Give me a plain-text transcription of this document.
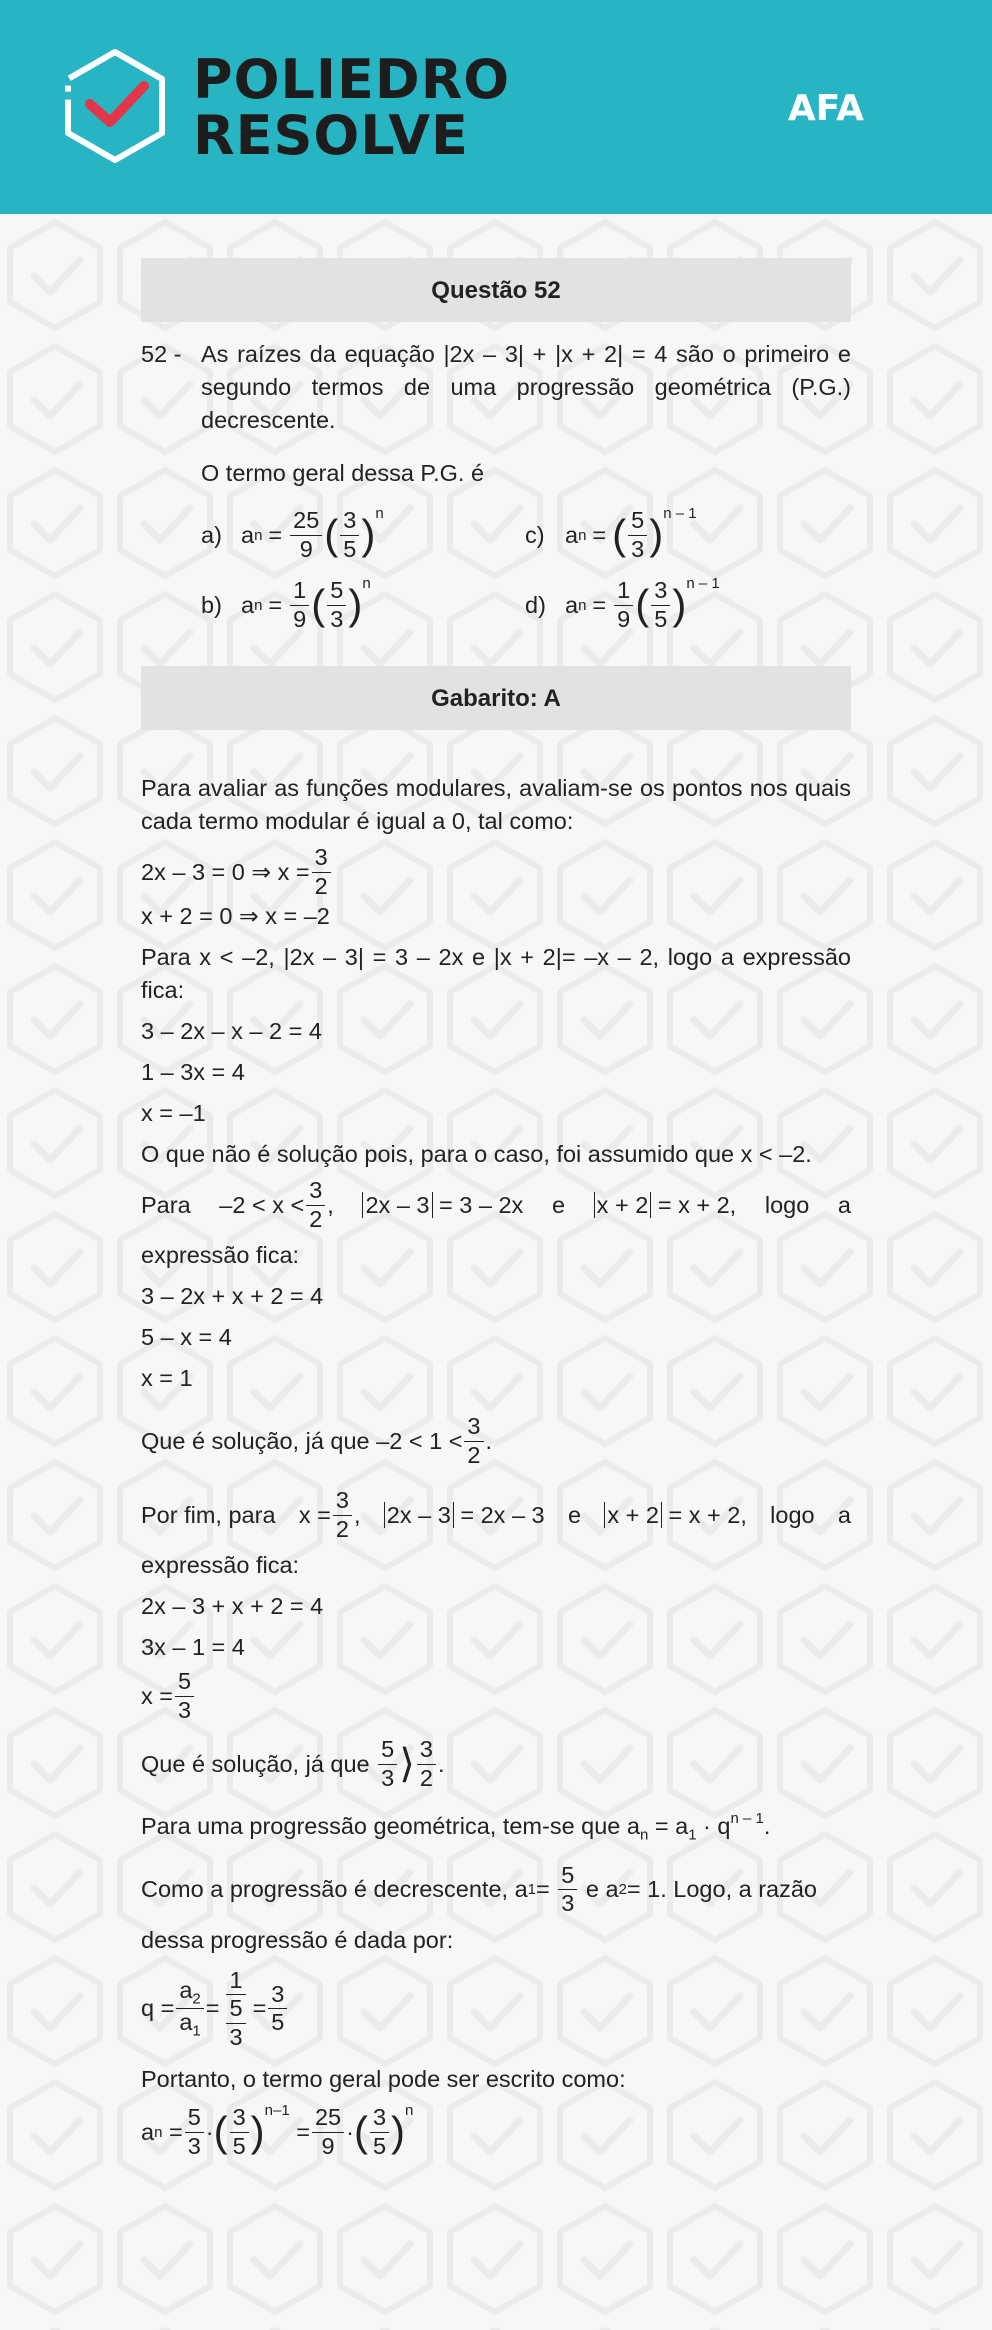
POLIEDRO
RESOLVE	AFA
Questão 52
52 - As raízes da equação |2x – 3| + |x + 2| = 4 são o primeiro e segundo termos de uma progressão geométrica (P.G.) decrescente.
O termo geral dessa P.G. é
a) a $n = \frac{25}{9}$ ( $\frac{3}{5} )^n$
c) a n = ( $\frac{5}{3} )^{n - 1}$
b) a $n = \frac{1}{9}$ ( $\frac{5}{3} )^n$
d) a $n = \frac{1}{9}$ ( $\frac{3}{5} )^{n - 1}$
Gabarito: A

Para avaliar as funções modulares, avaliam-se os pontos nos quais cada termo modular é igual a 0, tal como:

2x – 3 = 0 ⇒ $x = \frac{3}{2}$
x + 2 = 0 ⇒ x = –2

Para x < –2, |2x – 3| = 3 – 2x e |x + 2|= –x – 2, logo a expressão fica:

3 – 2x – x – 2 = 4
1 – 3x = 4
x = –1

O que não é solução pois, para o caso, foi assumido que x < –2.

Para $-2 < x < \frac{3}{2}$ , 2x – 3 = 3 – 2x e x + 2 = x + 2, logo a
expressão fica:
3 – 2x + x + 2 = 4
5 – x = 4
x = 1
Que é solução, já que
$-2 < 1 < \frac{3}{2}$ .
Por fim, para $x = \frac{3}{2}$ , 2x – 3 = 2x – 3 e x + 2 = x + 2, logo a
expressão fica:
2x – 3 + x + 2 = 4
3x – 1 = 4
$x = \frac{5}{3}$
Que é solução, já que
$\frac{5}{3}$ ⟩ $\frac{3}{2}$ .

Para uma progressão geométrica, tem-se que $a_n = a_1 \cdot q^{n - 1}$.

Como a progressão é decrescente, a 1 =
$\frac{5}{3}$
e a 2 = 1. Logo, a razão
dessa progressão é dada por:
$q = \frac{a_2}{a_1} = \frac{1}{\frac{5}{3}} = \frac{3}{5}$

Portanto, o termo geral pode ser escrito como:

a $n = \frac{5}{3}$ · ( $\frac{3}{5} )^{n-1}$
= $\frac{25}{9}$ · ( $\frac{3}{5} )^n$
